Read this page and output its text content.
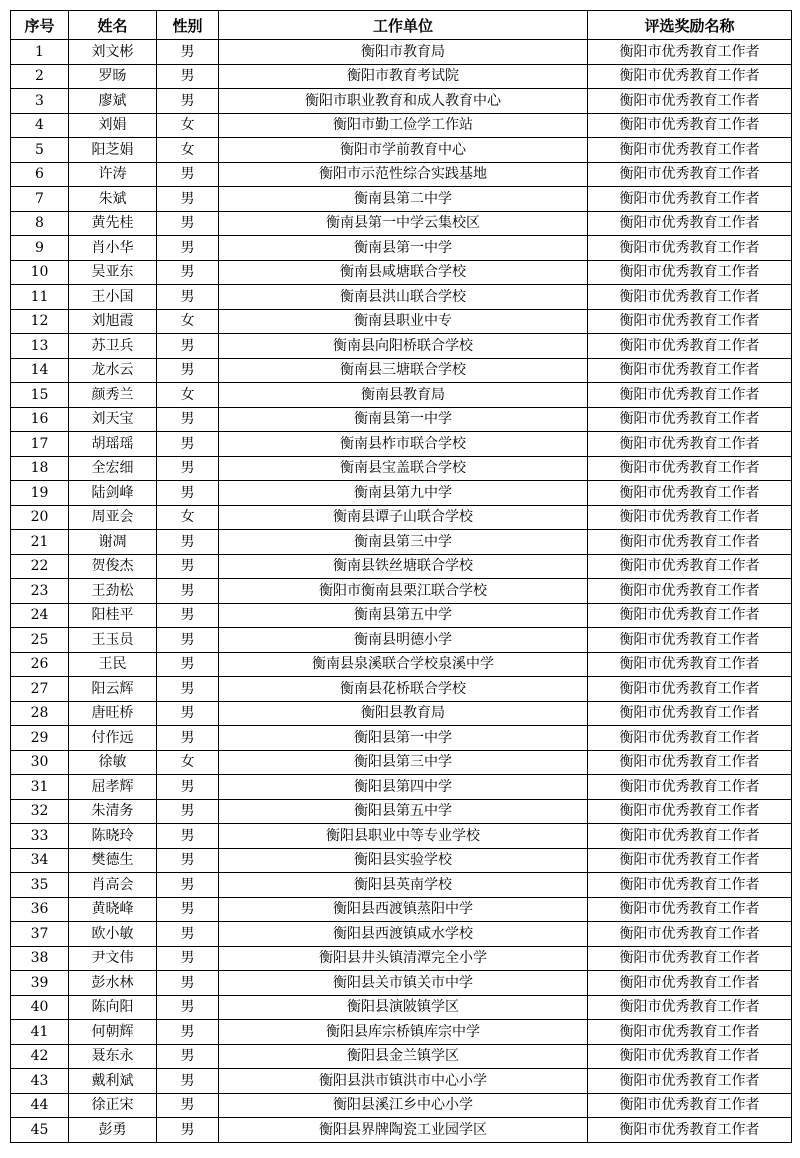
序号	姓名	性别	工作单位	评选奖励名称
1	刘文彬	男	衡阳市教育局	衡阳市优秀教育工作者
2	罗旸	男	衡阳市教育考试院	衡阳市优秀教育工作者
3	廖斌	男	衡阳市职业教育和成人教育中心	衡阳市优秀教育工作者
4	刘娟	女	衡阳市勤工俭学工作站	衡阳市优秀教育工作者
5	阳芝娟	女	衡阳市学前教育中心	衡阳市优秀教育工作者
6	许涛	男	衡阳市示范性综合实践基地	衡阳市优秀教育工作者
7	朱斌	男	衡南县第二中学	衡阳市优秀教育工作者
8	黄先桂	男	衡南县第一中学云集校区	衡阳市优秀教育工作者
9	肖小华	男	衡南县第一中学	衡阳市优秀教育工作者
10	吴亚东	男	衡南县咸塘联合学校	衡阳市优秀教育工作者
11	王小国	男	衡南县洪山联合学校	衡阳市优秀教育工作者
12	刘旭霞	女	衡南县职业中专	衡阳市优秀教育工作者
13	苏卫兵	男	衡南县向阳桥联合学校	衡阳市优秀教育工作者
14	龙水云	男	衡南县三塘联合学校	衡阳市优秀教育工作者
15	颜秀兰	女	衡南县教育局	衡阳市优秀教育工作者
16	刘天宝	男	衡南县第一中学	衡阳市优秀教育工作者
17	胡瑶瑶	男	衡南县柞市联合学校	衡阳市优秀教育工作者
18	全宏细	男	衡南县宝盖联合学校	衡阳市优秀教育工作者
19	陆剑峰	男	衡南县第九中学	衡阳市优秀教育工作者
20	周亚会	女	衡南县谭子山联合学校	衡阳市优秀教育工作者
21	谢凋	男	衡南县第三中学	衡阳市优秀教育工作者
22	贺俊杰	男	衡南县铁丝塘联合学校	衡阳市优秀教育工作者
23	王劲松	男	衡阳市衡南县栗江联合学校	衡阳市优秀教育工作者
24	阳桂平	男	衡南县第五中学	衡阳市优秀教育工作者
25	王玉员	男	衡南县明德小学	衡阳市优秀教育工作者
26	王民	男	衡南县泉溪联合学校泉溪中学	衡阳市优秀教育工作者
27	阳云辉	男	衡南县花桥联合学校	衡阳市优秀教育工作者
28	唐旺桥	男	衡阳县教育局	衡阳市优秀教育工作者
29	付作远	男	衡阳县第一中学	衡阳市优秀教育工作者
30	徐敏	女	衡阳县第三中学	衡阳市优秀教育工作者
31	屈孝辉	男	衡阳县第四中学	衡阳市优秀教育工作者
32	朱清务	男	衡阳县第五中学	衡阳市优秀教育工作者
33	陈晓玲	男	衡阳县职业中等专业学校	衡阳市优秀教育工作者
34	樊德生	男	衡阳县实验学校	衡阳市优秀教育工作者
35	肖高会	男	衡阳县英南学校	衡阳市优秀教育工作者
36	黄晓峰	男	衡阳县西渡镇蒸阳中学	衡阳市优秀教育工作者
37	欧小敏	男	衡阳县西渡镇咸水学校	衡阳市优秀教育工作者
38	尹文伟	男	衡阳县井头镇清潭完全小学	衡阳市优秀教育工作者
39	彭水林	男	衡阳县关市镇关市中学	衡阳市优秀教育工作者
40	陈向阳	男	衡阳县演陂镇学区	衡阳市优秀教育工作者
41	何朝辉	男	衡阳县库宗桥镇库宗中学	衡阳市优秀教育工作者
42	聂东永	男	衡阳县金兰镇学区	衡阳市优秀教育工作者
43	戴利斌	男	衡阳县洪市镇洪市中心小学	衡阳市优秀教育工作者
44	徐正宋	男	衡阳县溪江乡中心小学	衡阳市优秀教育工作者
45	彭勇	男	衡阳县界牌陶瓷工业园学区	衡阳市优秀教育工作者
